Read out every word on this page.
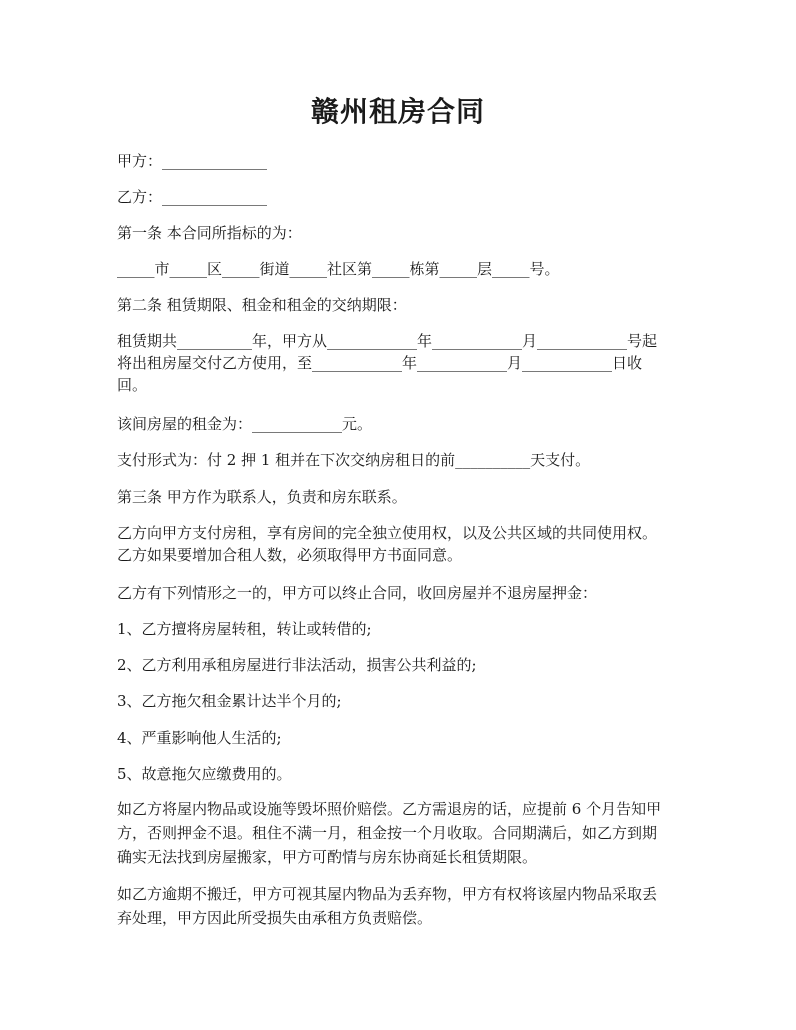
赣州租房合同
甲方：______________
乙方：______________
第一条 本合同所指标的为：
_____市_____区_____街道_____社区第_____栋第_____层_____号。
第二条 租赁期限、租金和租金的交纳期限：
租赁期共__________年，甲方从____________年____________月____________号起
将出租房屋交付乙方使用，至____________年____________月____________日收
回。
该间房屋的租金为：____________元。
支付形式为：付 2 押 1 租并在下次交纳房租日的前__________天支付。
第三条 甲方作为联系人，负责和房东联系。
乙方向甲方支付房租，享有房间的完全独立使用权，以及公共区域的共同使用权。
乙方如果要增加合租人数，必须取得甲方书面同意。
乙方有下列情形之一的，甲方可以终止合同，收回房屋并不退房屋押金：
1、乙方擅将房屋转租，转让或转借的;
2、乙方利用承租房屋进行非法活动，损害公共利益的;
3、乙方拖欠租金累计达半个月的;
4、严重影响他人生活的;
5、故意拖欠应缴费用的。
如乙方将屋内物品或设施等毁坏照价赔偿。乙方需退房的话，应提前 6 个月告知甲
方，否则押金不退。租住不满一月，租金按一个月收取。合同期满后，如乙方到期
确实无法找到房屋搬家，甲方可酌情与房东协商延长租赁期限。
如乙方逾期不搬迁，甲方可视其屋内物品为丢弃物，甲方有权将该屋内物品采取丢
弃处理，甲方因此所受损失由承租方负责赔偿。
